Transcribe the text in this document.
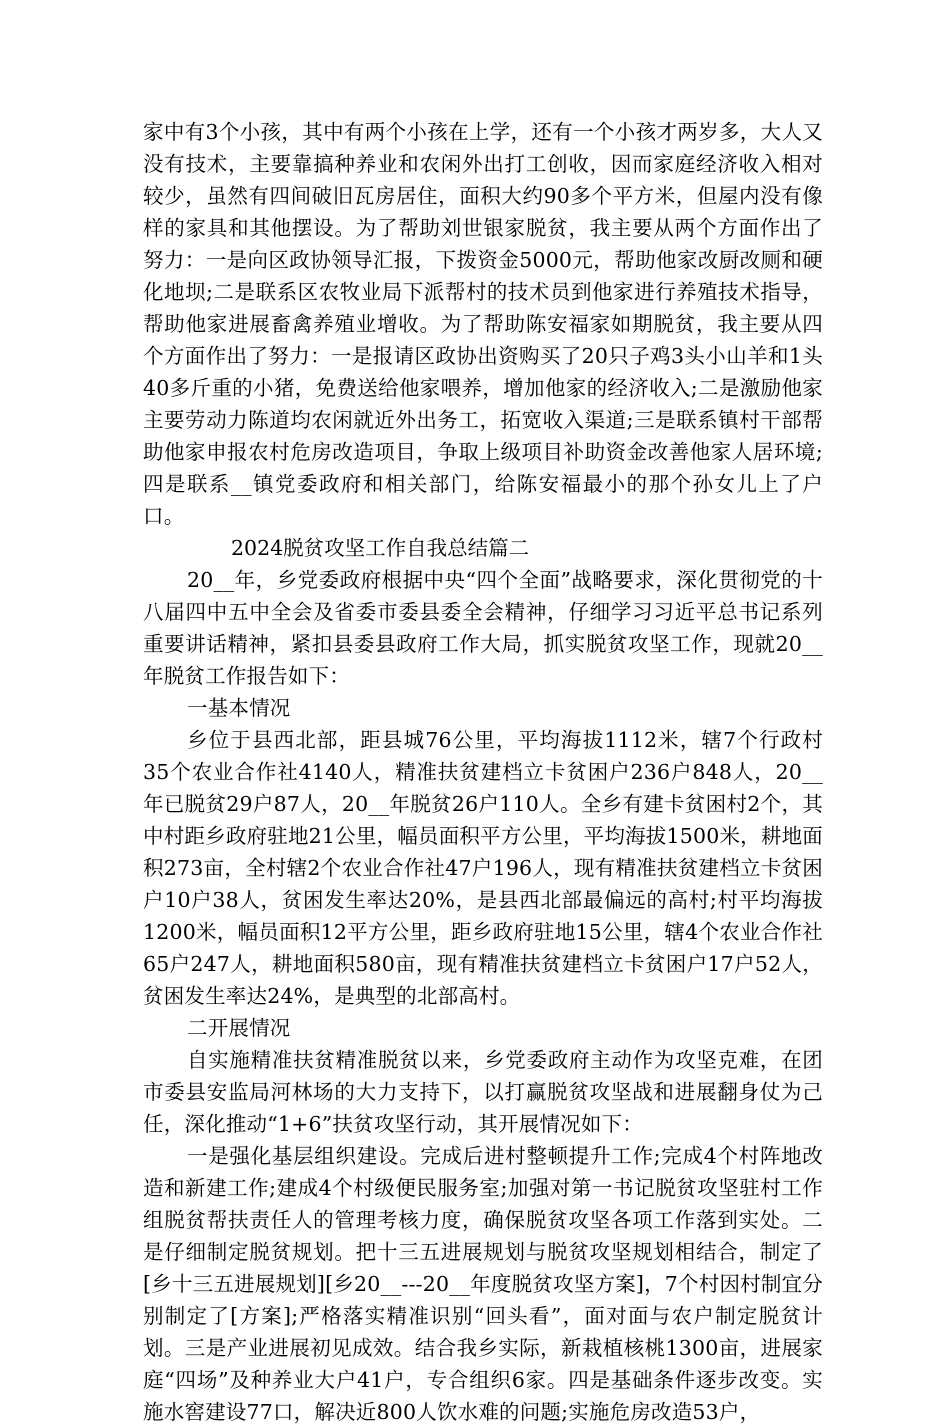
家中有3个小孩，其中有两个小孩在上学，还有一个小孩才两岁多，大人又没有技术，主要靠搞种养业和农闲外出打工创收，因而家庭经济收入相对较少，虽然有四间破旧瓦房居住，面积大约90多个平方米，但屋内没有像样的家具和其他摆设。为了帮助刘世银家脱贫，我主要从两个方面作出了努力：一是向区政协领导汇报，下拨资金5000元，帮助他家改厨改厕和硬化地坝;二是联系区农牧业局下派帮村的技术员到他家进行养殖技术指导，帮助他家进展畜禽养殖业增收。为了帮助陈安福家如期脱贫，我主要从四个方面作出了努力：一是报请区政协出资购买了20只子鸡3头小山羊和1头40多斤重的小猪，免费送给他家喂养，增加他家的经济收入;二是激励他家主要劳动力陈道均农闲就近外出务工，拓宽收入渠道;三是联系镇村干部帮助他家申报农村危房改造项目，争取上级项目补助资金改善他家人居环境;四是联系__镇党委政府和相关部门，给陈安福最小的那个孙女儿上了户口。

2024脱贫攻坚工作自我总结篇二

20__年，乡党委政府根据中央“四个全面”战略要求，深化贯彻党的十八届四中五中全会及省委市委县委全会精神，仔细学习习近平总书记系列重要讲话精神，紧扣县委县政府工作大局，抓实脱贫攻坚工作，现就20__年脱贫工作报告如下：

一基本情况

乡位于县西北部，距县城76公里，平均海拔1112米，辖7个行政村35个农业合作社4140人，精准扶贫建档立卡贫困户236户848人，20__年已脱贫29户87人，20__年脱贫26户110人。全乡有建卡贫困村2个，其中村距乡政府驻地21公里，幅员面积平方公里，平均海拔1500米，耕地面积273亩，全村辖2个农业合作社47户196人，现有精准扶贫建档立卡贫困户10户38人，贫困发生率达20%，是县西北部最偏远的高村;村平均海拔1200米，幅员面积12平方公里，距乡政府驻地15公里，辖4个农业合作社65户247人，耕地面积580亩，现有精准扶贫建档立卡贫困户17户52人，贫困发生率达24%，是典型的北部高村。

二开展情况

自实施精准扶贫精准脱贫以来，乡党委政府主动作为攻坚克难，在团市委县安监局河林场的大力支持下，以打赢脱贫攻坚战和进展翻身仗为己任，深化推动“1+6”扶贫攻坚行动，其开展情况如下：

一是强化基层组织建设。完成后进村整顿提升工作;完成4个村阵地改造和新建工作;建成4个村级便民服务室;加强对第一书记脱贫攻坚驻村工作组脱贫帮扶责任人的管理考核力度，确保脱贫攻坚各项工作落到实处。二是仔细制定脱贫规划。把十三五进展规划与脱贫攻坚规划相结合，制定了[乡十三五进展规划][乡20__---20__年度脱贫攻坚方案]，7个村因村制宜分别制定了[方案];严格落实精准识别“回头看”，面对面与农户制定脱贫计划。三是产业进展初见成效。结合我乡实际，新栽植核桃1300亩，进展家庭“四场”及种养业大户41户，专合组织6家。四是基础条件逐步改变。实施水窖建设77口，解决近800人饮水难的问题;实施危房改造53户，
